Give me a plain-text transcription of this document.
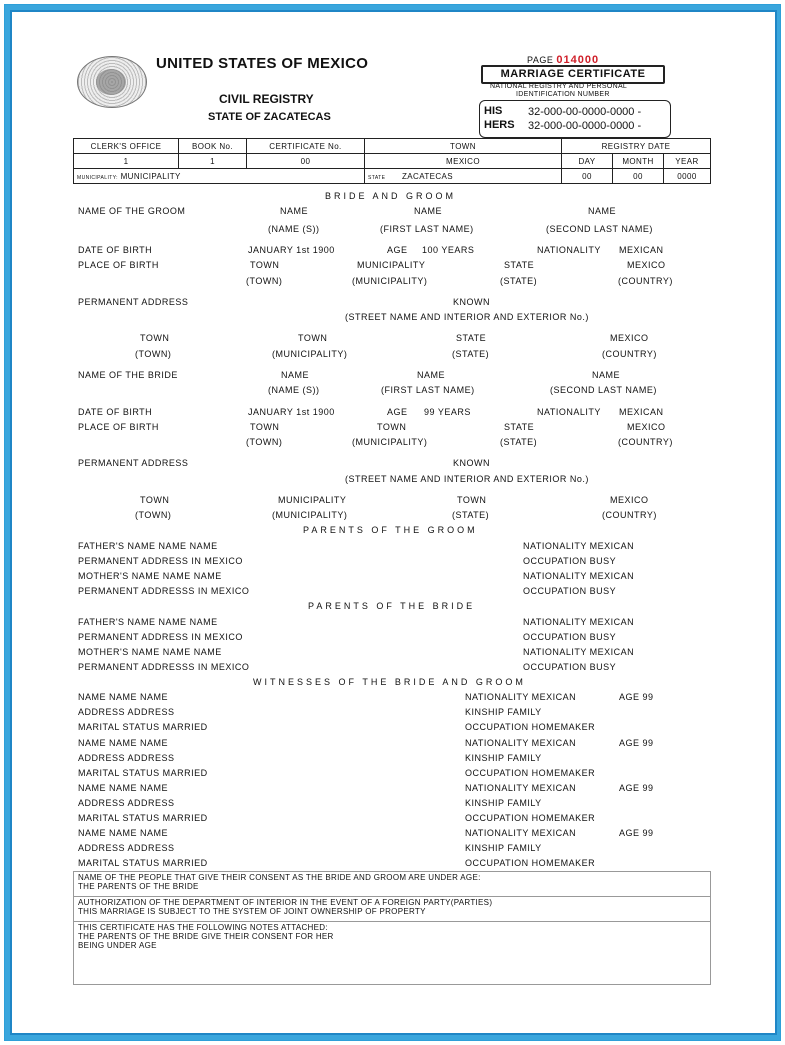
UNITED STATES OF MEXICO
CIVIL REGISTRY
STATE OF ZACATECAS
PAGE 014000
MARRIAGE CERTIFICATE
NATIONAL REGISTRY AND PERSONAL
IDENTIFICATION NUMBER
HIS 32-000-00-0000-0000 -
HERS 32-000-00-0000-0000 -
CLERK'S OFFICE	BOOK No.	CERTIFICATE No.	TOWN	REGISTRY DATE		
1	1	00	MEXICO	DAY	MONTH	YEAR
MUNICIPALITY: MUNICIPALITY			STATE ZACATECAS	00	00	0000
BRIDE AND GROOM
NAME OF THE GROOM	NAME	NAME	NAME
(NAME (S))	(FIRST LAST NAME)	(SECOND LAST NAME)
DATE OF BIRTH	JANUARY 1st 1900	AGE 100 YEARS	NATIONALITY MEXICAN
PLACE OF BIRTH	TOWN	MUNICIPALITY	STATE	MEXICO
(TOWN)	(MUNICIPALITY)	(STATE)	(COUNTRY)
PERMANENT ADDRESS	KNOWN
(STREET NAME AND INTERIOR AND EXTERIOR No.)
TOWN	TOWN	STATE	MEXICO
(TOWN)	(MUNICIPALITY)	(STATE)	(COUNTRY)
NAME OF THE BRIDE	NAME	NAME	NAME
(NAME (S))	(FIRST LAST NAME)	(SECOND LAST NAME)
DATE OF BIRTH	JANUARY 1st 1900	AGE 99 YEARS	NATIONALITY MEXICAN
PLACE OF BIRTH	TOWN	TOWN	STATE	MEXICO
(TOWN)	(MUNICIPALITY)	(STATE)	(COUNTRY)
PERMANENT ADDRESS	KNOWN
(STREET NAME AND INTERIOR AND EXTERIOR No.)
TOWN	MUNICIPALITY	TOWN	MEXICO
(TOWN)	(MUNICIPALITY)	(STATE)	(COUNTRY)
PARENTS OF THE GROOM
FATHER'S NAME NAME NAME	NATIONALITY MEXICAN
PERMANENT ADDRESS IN MEXICO	OCCUPATION BUSY
MOTHER'S NAME NAME NAME	NATIONALITY MEXICAN
PERMANENT ADDRESSS IN MEXICO	OCCUPATION BUSY
PARENTS OF THE BRIDE
FATHER'S NAME NAME NAME	NATIONALITY MEXICAN
PERMANENT ADDRESS IN MEXICO	OCCUPATION BUSY
MOTHER'S NAME NAME NAME	NATIONALITY MEXICAN
PERMANENT ADDRESSS IN MEXICO	OCCUPATION BUSY
WITNESSES OF THE BRIDE AND GROOM
NAME NAME NAME	NATIONALITY MEXICAN	AGE 99
ADDRESS ADDRESS	KINSHIP FAMILY
MARITAL STATUS MARRIED	OCCUPATION HOMEMAKER
NAME NAME NAME	NATIONALITY MEXICAN	AGE 99
ADDRESS ADDRESS	KINSHIP FAMILY
MARITAL STATUS MARRIED	OCCUPATION HOMEMAKER
NAME NAME NAME	NATIONALITY MEXICAN	AGE 99
ADDRESS ADDRESS	KINSHIP FAMILY
MARITAL STATUS MARRIED	OCCUPATION HOMEMAKER
NAME NAME NAME	NATIONALITY MEXICAN	AGE 99
ADDRESS ADDRESS	KINSHIP FAMILY
MARITAL STATUS MARRIED	OCCUPATION HOMEMAKER
NAME OF THE PEOPLE THAT GIVE THEIR CONSENT AS THE BRIDE AND GROOM ARE UNDER AGE:
THE PARENTS OF THE BRIDE
AUTHORIZATION OF THE DEPARTMENT OF INTERIOR IN THE EVENT OF A FOREIGN PARTY(PARTIES)
THIS MARRIAGE IS SUBJECT TO THE SYSTEM OF JOINT OWNERSHIP OF PROPERTY
THIS CERTIFICATE HAS THE FOLLOWING NOTES ATTACHED:
THE PARENTS OF THE BRIDE GIVE THEIR CONSENT FOR HER
BEING UNDER AGE
